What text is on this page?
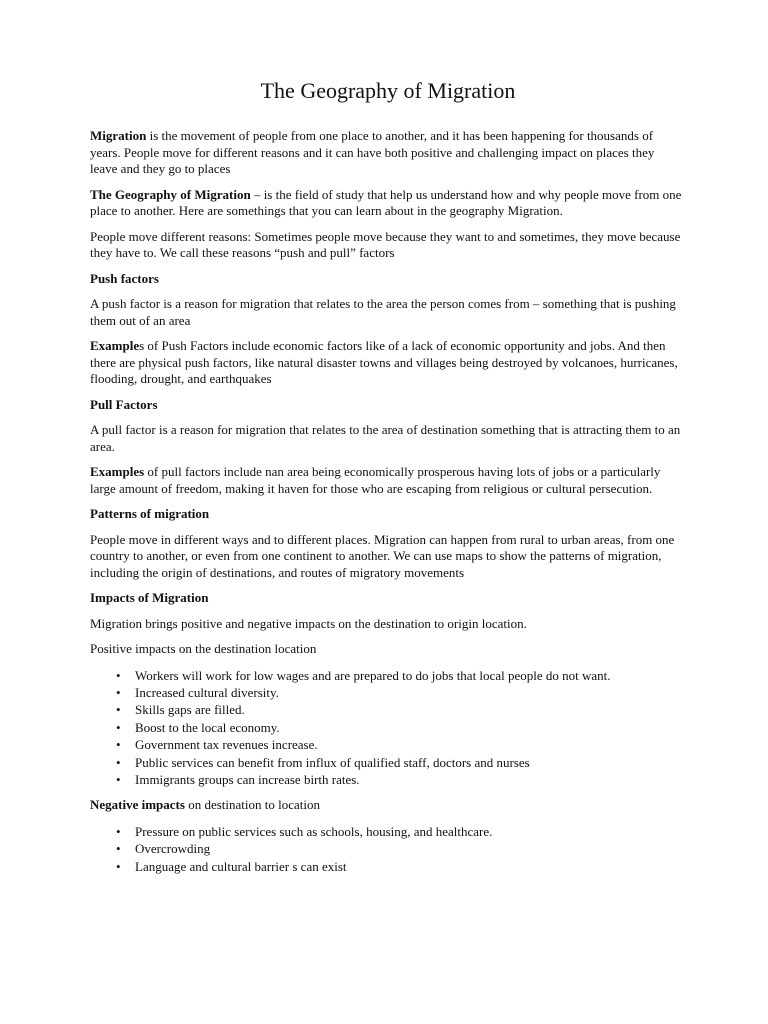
The Geography of Migration

Migration is the movement of people from one place to another, and it has been happening for thousands of years. People move for different reasons and it can have both positive and challenging impact on places they leave and they go to places

The Geography of Migration – is the field of study that help us understand how and why people move from one place to another. Here are somethings that you can learn about in the geography Migration.

People move different reasons: Sometimes people move because they want to and sometimes, they move because they have to. We call these reasons “push and pull” factors

Push factors

A push factor is a reason for migration that relates to the area the person comes from – something that is pushing them out of an area

Examples of Push Factors include economic factors like of a lack of economic opportunity and jobs. And then there are physical push factors, like natural disaster towns and villages being destroyed by volcanoes, hurricanes, flooding, drought, and earthquakes

Pull Factors

A pull factor is a reason for migration that relates to the area of destination something that is attracting them to an area.

Examples of pull factors include nan area being economically prosperous having lots of jobs or a particularly large amount of freedom, making it haven for those who are escaping from religious or cultural persecution.

Patterns of migration

People move in different ways and to different places. Migration can happen from rural to urban areas, from one country to another, or even from one continent to another. We can use maps to show the patterns of migration, including the origin of destinations, and routes of migratory movements

Impacts of Migration

Migration brings positive and negative impacts on the destination to origin location.

Positive impacts on the destination location

• Workers will work for low wages and are prepared to do jobs that local people do not want.
• Increased cultural diversity.
• Skills gaps are filled.
• Boost to the local economy.
• Government tax revenues increase.
• Public services can benefit from influx of qualified staff, doctors and nurses
• Immigrants groups can increase birth rates.

Negative impacts on destination to location

• Pressure on public services such as schools, housing, and healthcare.
• Overcrowding
• Language and cultural barrier s can exist
